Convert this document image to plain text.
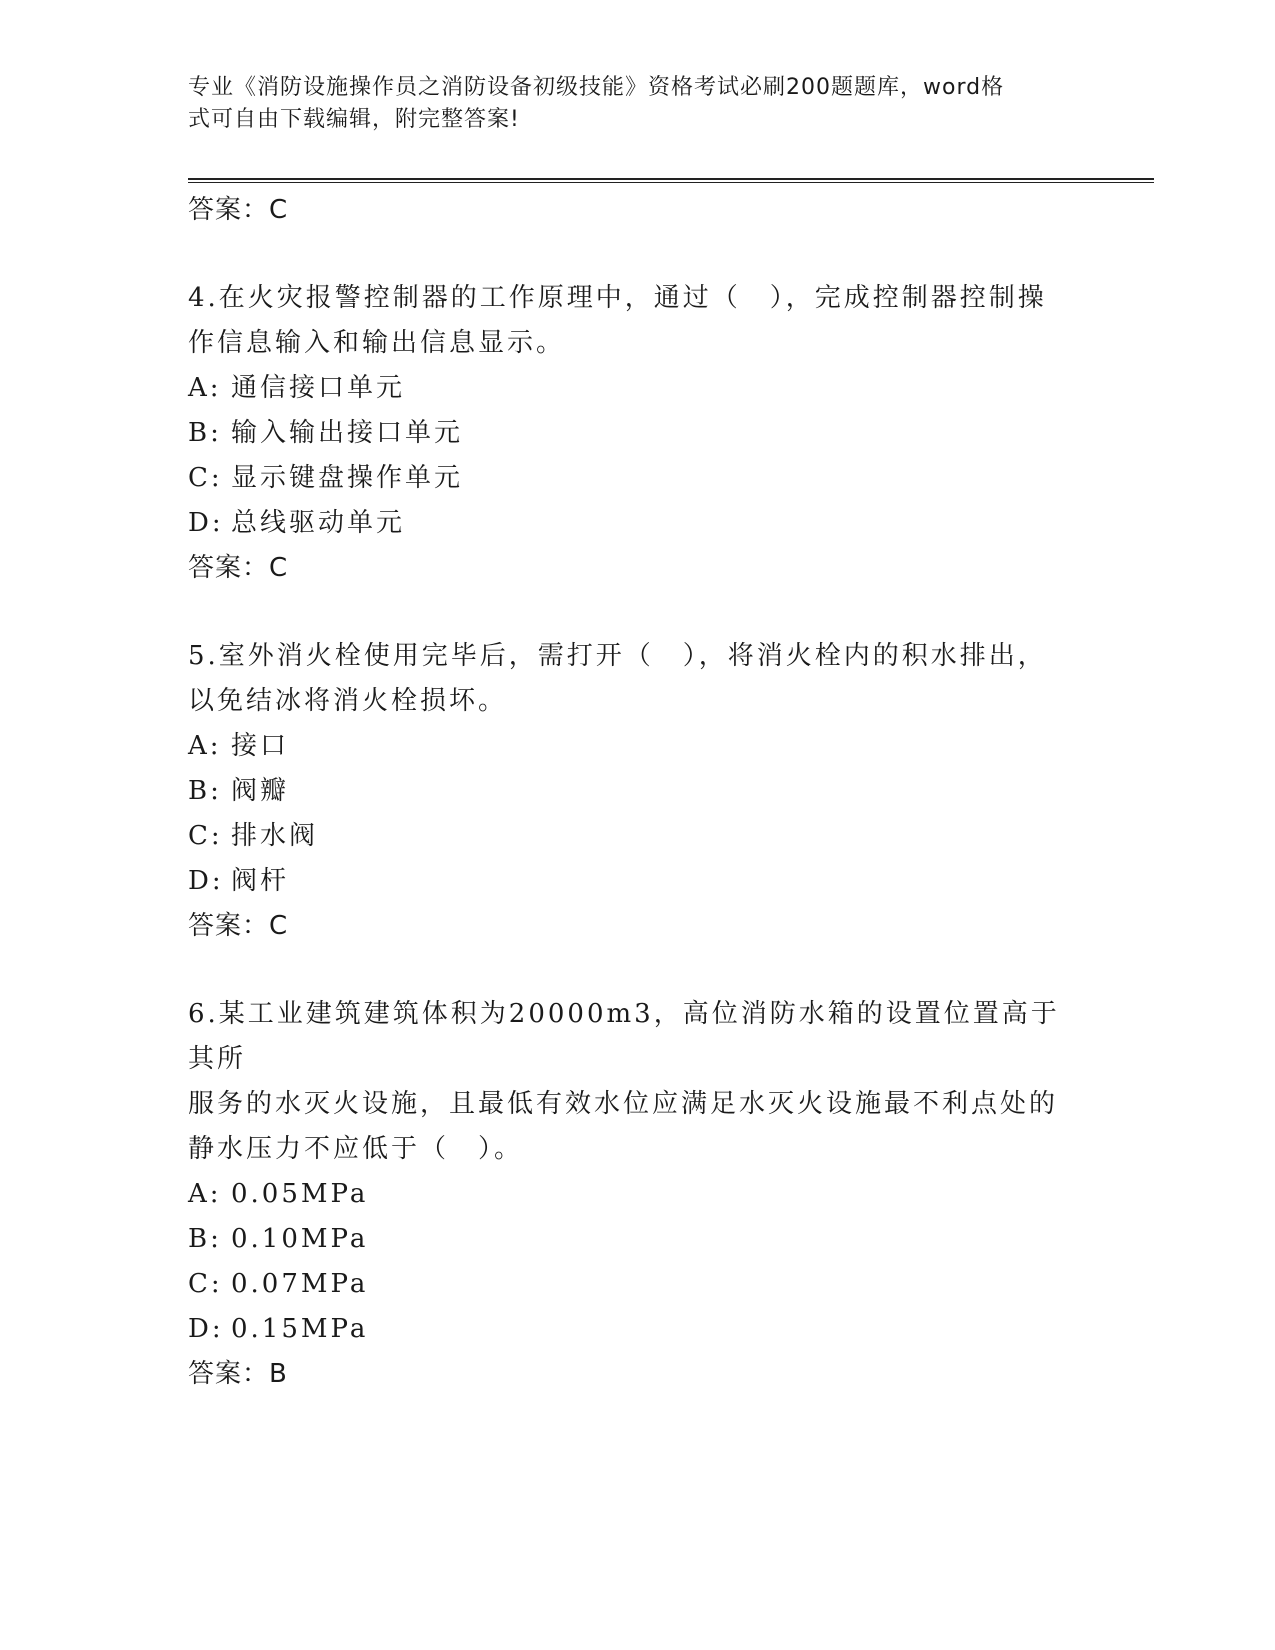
专业《消防设施操作员之消防设备初级技能》资格考试必刷200题题库，word格
式可自由下载编辑，附完整答案!

答案：C

4.在火灾报警控制器的工作原理中，通过（　），完成控制器控制操
作信息输入和输出信息显示。

A: 通信接口单元

B: 输入输出接口单元

C: 显示键盘操作单元

D: 总线驱动单元

答案：C

5.室外消火栓使用完毕后，需打开（　），将消火栓内的积水排出，
以免结冰将消火栓损坏。

A: 接口

B: 阀瓣

C: 排水阀

D: 阀杆

答案：C

6.某工业建筑建筑体积为20000m3，高位消防水箱的设置位置高于其所
服务的水灭火设施，且最低有效水位应满足水灭火设施最不利点处的
静水压力不应低于（　）。

A: 0.05MPa

B: 0.10MPa

C: 0.07MPa

D: 0.15MPa

答案：B
